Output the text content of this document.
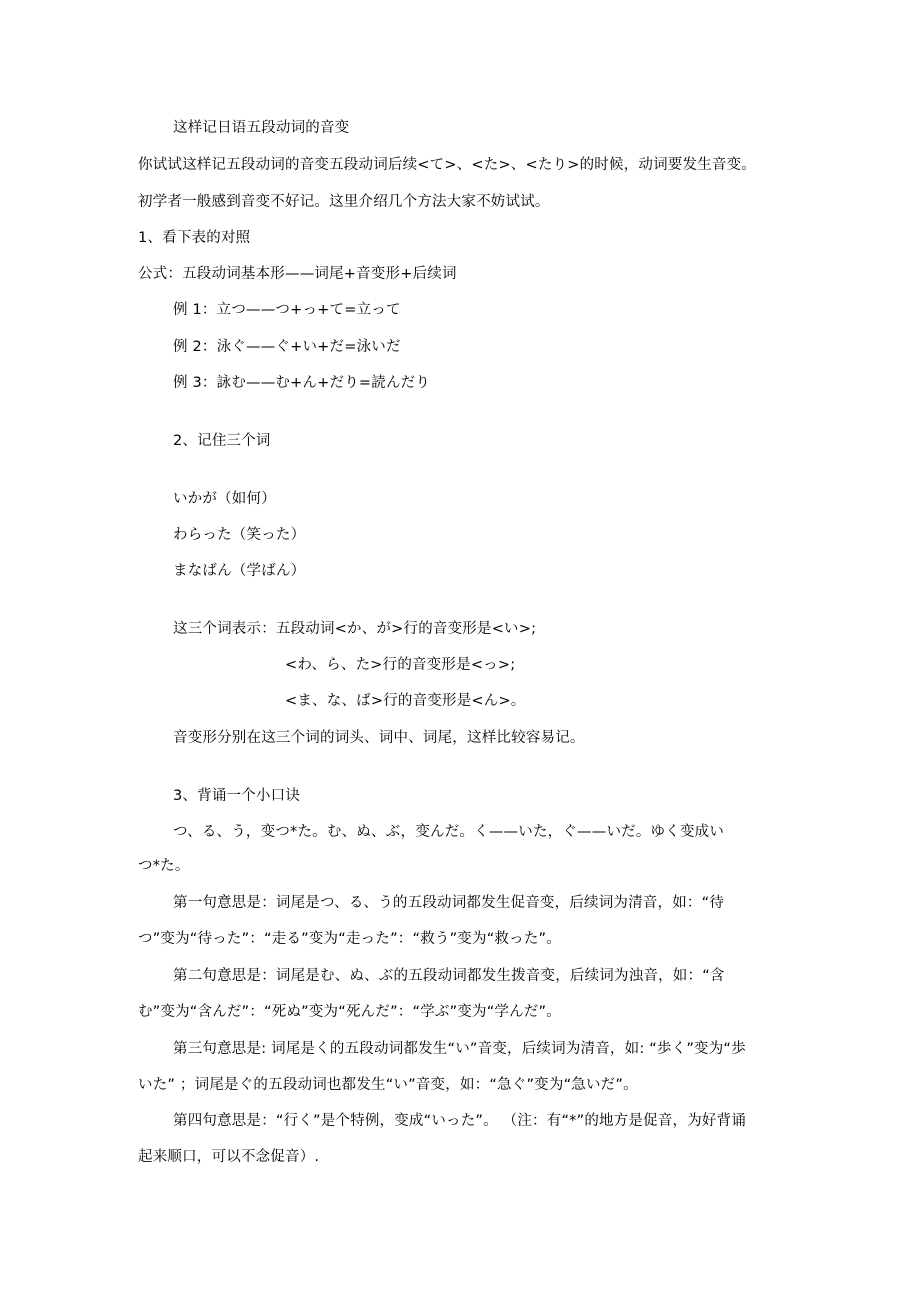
这样记日语五段动词的音变
你试试这样记五段动词的音变五段动词后续<て>、<た>、<たり>的时候，动词要发生音变。
初学者一般感到音变不好记。这里介绍几个方法大家不妨试试。
1、看下表的对照
公式：五段动词基本形——词尾+音变形+后续词
例 1：立つ——つ+っ+て=立って
例 2：泳ぐ——ぐ+い+だ=泳いだ
例 3：詠む——む+ん+だり=読んだり
2、记住三个词
いかが（如何）
わらった（笑った）
まなばん（学ばん）
这三个词表示：五段动词<か、が>行的音变形是<い>;
<わ、ら、た>行的音变形是<っ>;
<ま、な、ば>行的音变形是<ん>。
音变形分别在这三个词的词头、词中、词尾，这样比较容易记。
3、背诵一个小口诀
つ、る、う，变つ*た。む、ぬ、ぶ，变んだ。く——いた，ぐ——いだ。ゆく变成い
つ*た。
第一句意思是：词尾是つ、る、う的五段动词都发生促音变，后续词为清音，如：“待
つ”变为“待った”：“走る”变为“走った”：“救う”变为“救った”。
第二句意思是：词尾是む、ぬ、ぶ的五段动词都发生拨音变，后续词为浊音，如：“含
む”变为“含んだ”：“死ぬ”变为“死んだ”：“学ぶ”变为“学んだ”。
第三句意思是: 词尾是く的五段动词都发生“い”音变，后续词为清音，如: “歩く”变为“歩
いた” ；词尾是ぐ的五段动词也都发生“い”音变，如：“急ぐ”变为“急いだ”。
第四句意思是：“行く”是个特例，变成“いった”。 （注：有“*”的地方是促音，为好背诵
起来顺口，可以不念促音）.
